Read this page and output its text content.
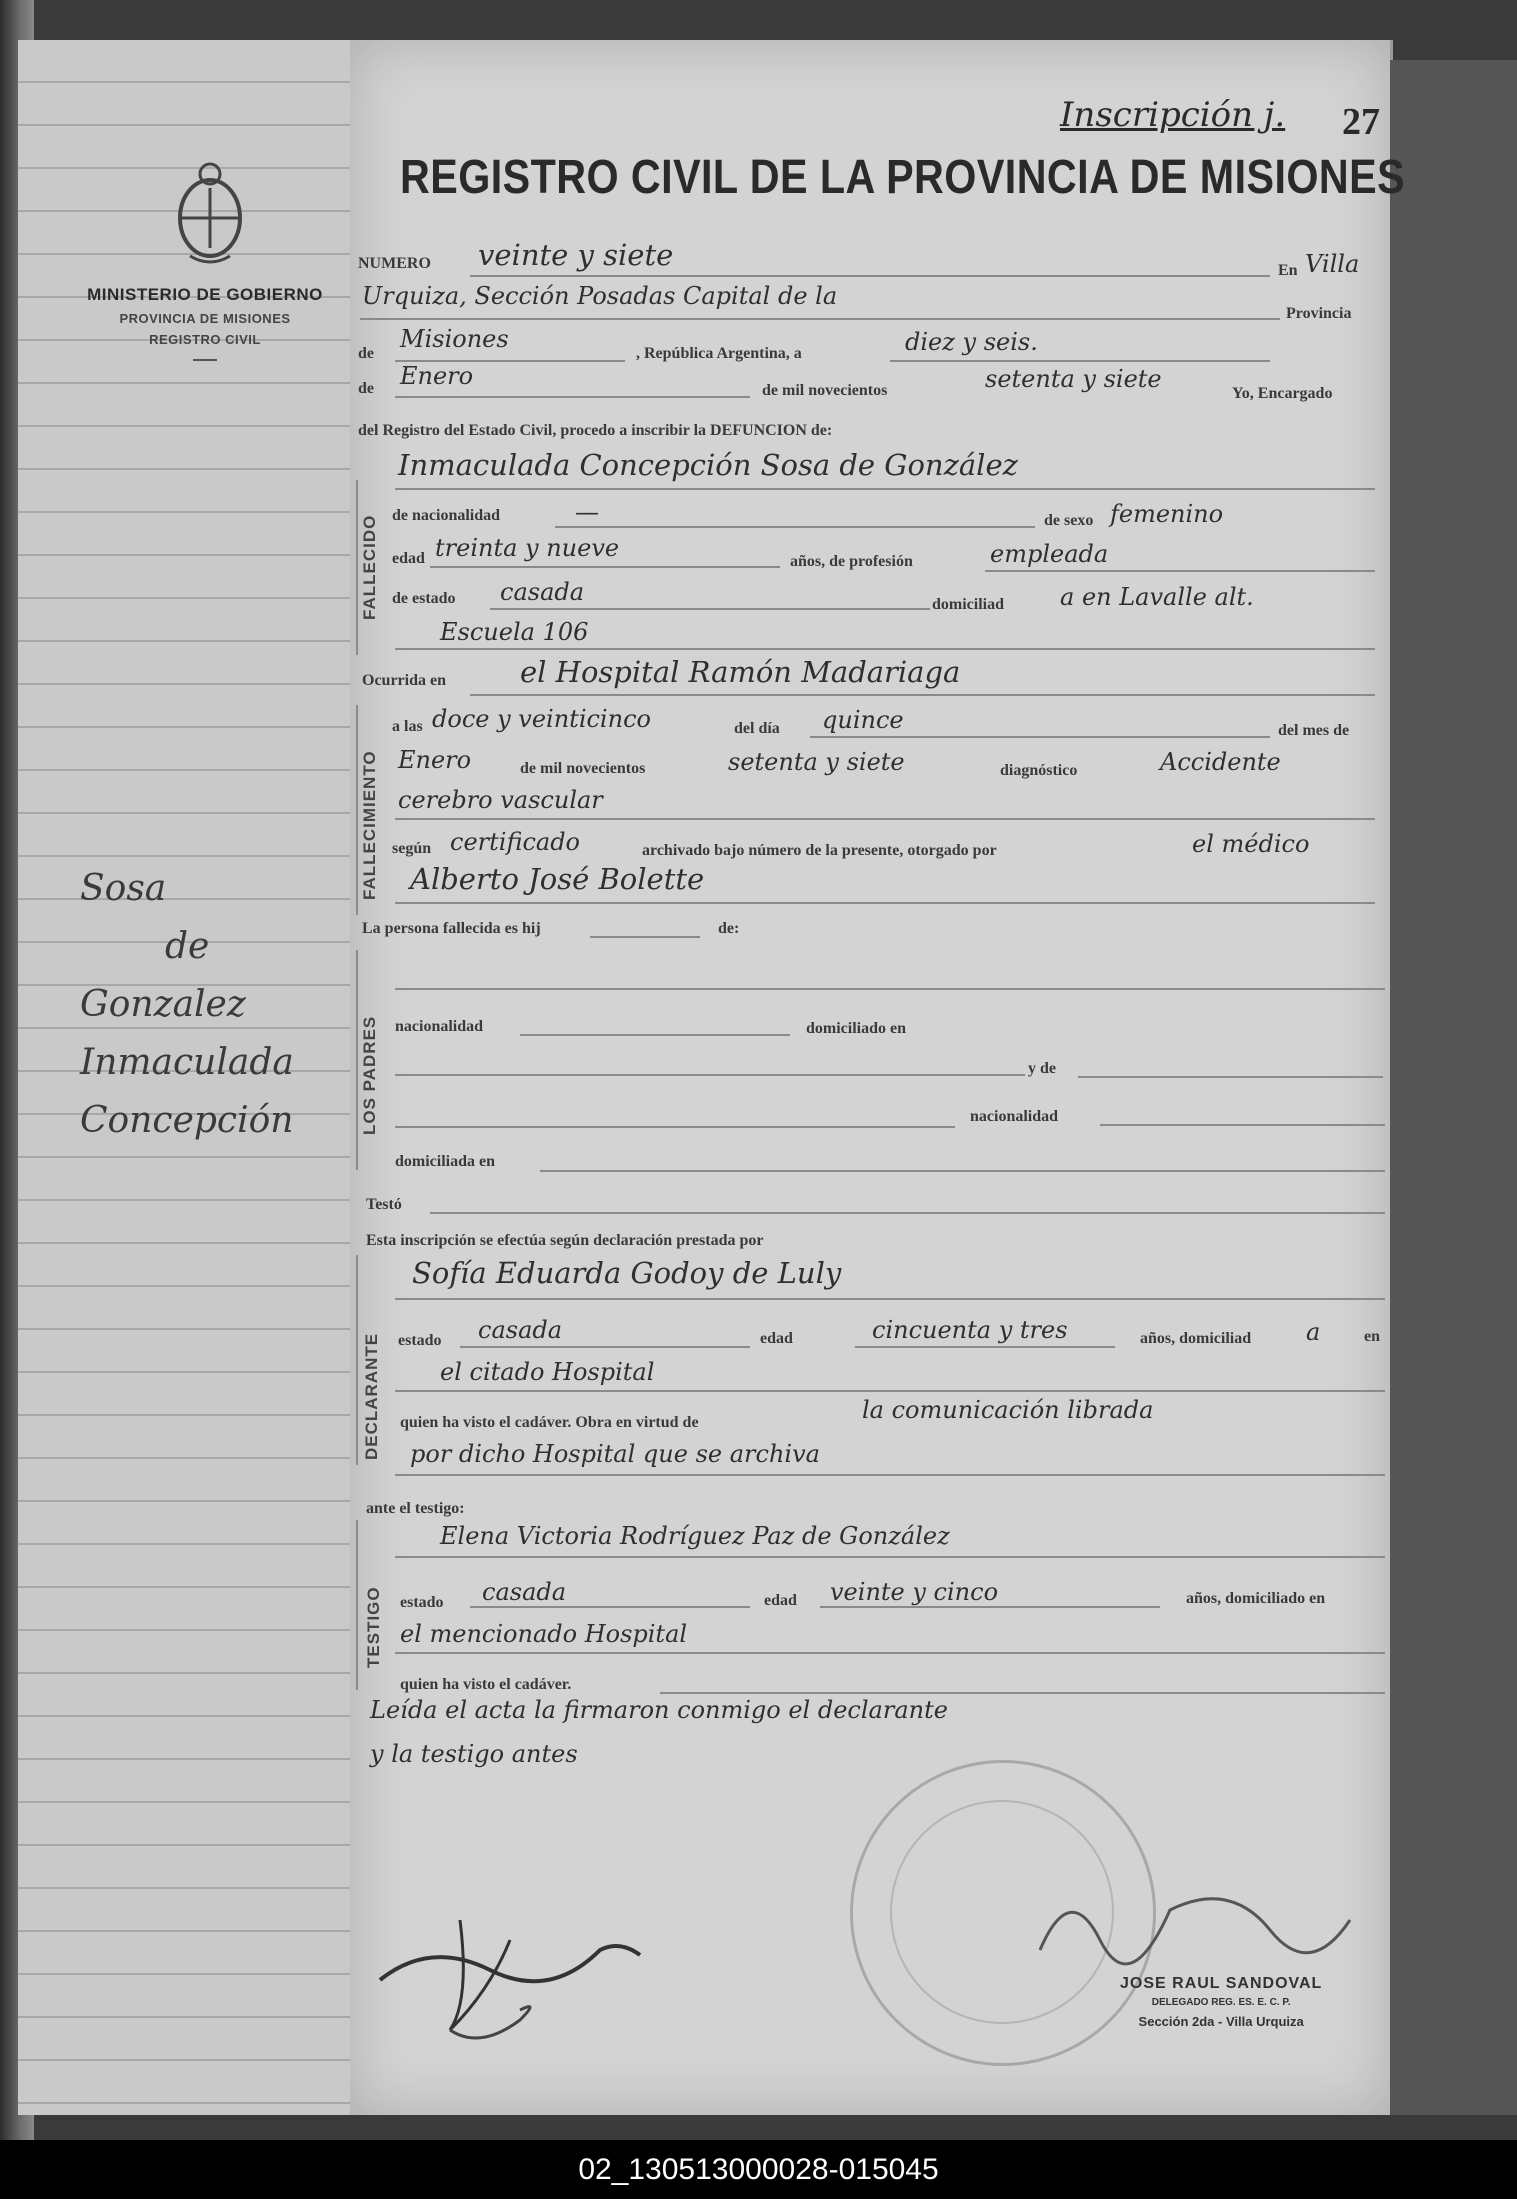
MINISTERIO DE GOBIERNO
PROVINCIA DE MISIONES
REGISTRO CIVIL
Sosa
de
Gonzalez
Inmaculada
Concepción
Inscripción j. 27
REGISTRO CIVIL DE LA PROVINCIA DE MISIONES
NUMERO veinte y siete	En Villa
Urquiza, Sección Posadas Capital de la
Provincia
de
Misiones
, República Argentina, a	diez y seis.
de Enero
de mil novecientos	setenta y siete
Yo, Encargado
del Registro del Estado Civil, procedo a inscribir la DEFUNCION de:
FALLECIDO
Inmaculada Concepción Sosa de González
de nacionalidad	—	de sexo femenino
edad treinta y nueve	años, de profesión	empleada
de estado casada	domiciliad a en Lavalle alt.
Escuela 106
Ocurrida en	el Hospital Ramón Madariaga
FALLECIMIENTO
a las doce y veinticinco	del día quince	del mes de
Enero	de mil novecientos	setenta y siete	diagnóstico	Accidente
cerebro vascular
según certificado	archivado bajo número de la presente, otorgado por	el médico
Alberto José Bolette
La persona fallecida es hij	de:
LOS PADRES nacionalidad	domiciliado en
y de
nacionalidad
domiciliada en
Testó
Esta inscripción se efectúa según declaración prestada por
DECLARANTE
Sofía Eduarda Godoy de Luly
estado casada	edad	cincuenta y tres	años, domiciliad a	en
el citado Hospital
quien ha visto el cadáver. Obra en virtud de	la comunicación librada
por dicho Hospital que se archiva
ante el testigo:
TESTIGO
Elena Victoria Rodríguez Paz de González
estado casada	edad veinte y cinco	años, domiciliado en
el mencionado Hospital
quien ha visto el cadáver.
Leída el acta la firmaron conmigo el declarante
y la testigo antes
JOSE RAUL SANDOVAL
DELEGADO REG. ES. E. C. P.
Sección 2da - Villa Urquiza
02_130513000028-015045
